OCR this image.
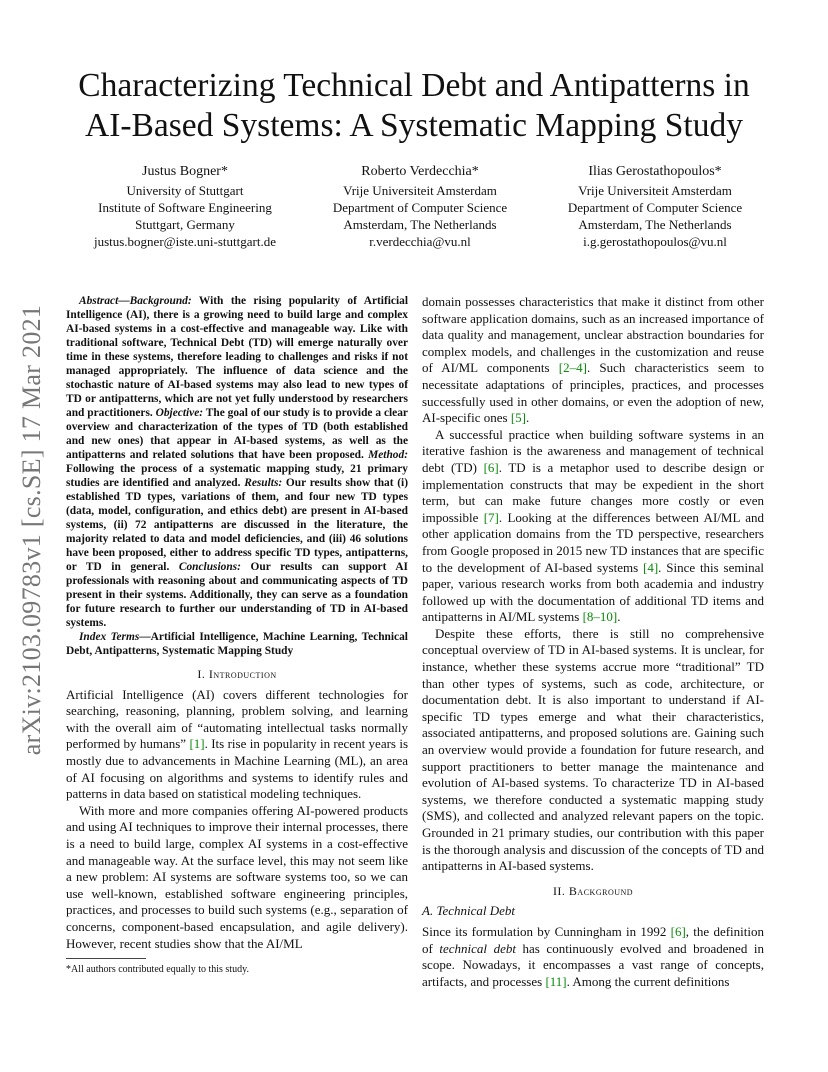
arXiv:2103.09783v1 [cs.SE] 17 Mar 2021
Characterizing Technical Debt and Antipatterns in AI-Based Systems: A Systematic Mapping Study
Justus Bogner*
University of Stuttgart
Institute of Software Engineering
Stuttgart, Germany
justus.bogner@iste.uni-stuttgart.de
Roberto Verdecchia*
Vrije Universiteit Amsterdam
Department of Computer Science
Amsterdam, The Netherlands
r.verdecchia@vu.nl
Ilias Gerostathopoulos*
Vrije Universiteit Amsterdam
Department of Computer Science
Amsterdam, The Netherlands
i.g.gerostathopoulos@vu.nl

Abstract—Background: With the rising popularity of Artificial Intelligence (AI), there is a growing need to build large and complex AI-based systems in a cost-effective and manageable way. Like with traditional software, Technical Debt (TD) will emerge naturally over time in these systems, therefore leading to challenges and risks if not managed appropriately. The influence of data science and the stochastic nature of AI-based systems may also lead to new types of TD or antipatterns, which are not yet fully understood by researchers and practitioners. Objective: The goal of our study is to provide a clear overview and characterization of the types of TD (both established and new ones) that appear in AI-based systems, as well as the antipatterns and related solutions that have been proposed. Method: Following the process of a systematic mapping study, 21 primary studies are identified and analyzed. Results: Our results show that (i) established TD types, variations of them, and four new TD types (data, model, configuration, and ethics debt) are present in AI-based systems, (ii) 72 antipatterns are discussed in the literature, the majority related to data and model deficiencies, and (iii) 46 solutions have been proposed, either to address specific TD types, antipatterns, or TD in general. Conclusions: Our results can support AI professionals with reasoning about and communicating aspects of TD present in their systems. Additionally, they can serve as a foundation for future research to further our understanding of TD in AI-based systems.

Index Terms—Artificial Intelligence, Machine Learning, Technical Debt, Antipatterns, Systematic Mapping Study

I. Introduction

Artificial Intelligence (AI) covers different technologies for searching, reasoning, planning, problem solving, and learning with the overall aim of “automating intellectual tasks normally performed by humans” [1]. Its rise in popularity in recent years is mostly due to advancements in Machine Learning (ML), an area of AI focusing on algorithms and systems to identify rules and patterns in data based on statistical modeling techniques.

With more and more companies offering AI-powered products and using AI techniques to improve their internal processes, there is a need to build large, complex AI systems in a cost-effective and manageable way. At the surface level, this may not seem like a new problem: AI systems are software systems too, so we can use well-known, established software engineering principles, practices, and processes to build such systems (e.g., separation of concerns, component-based encapsulation, and agile delivery). However, recent studies show that the AI/ML

*All authors contributed equally to this study.

domain possesses characteristics that make it distinct from other software application domains, such as an increased importance of data quality and management, unclear abstraction boundaries for complex models, and challenges in the customization and reuse of AI/ML components [2–4]. Such characteristics seem to necessitate adaptations of principles, practices, and processes successfully used in other domains, or even the adoption of new, AI-specific ones [5].

A successful practice when building software systems in an iterative fashion is the awareness and management of technical debt (TD) [6]. TD is a metaphor used to describe design or implementation constructs that may be expedient in the short term, but can make future changes more costly or even impossible [7]. Looking at the differences between AI/ML and other application domains from the TD perspective, researchers from Google proposed in 2015 new TD instances that are specific to the development of AI-based systems [4]. Since this seminal paper, various research works from both academia and industry followed up with the documentation of additional TD items and antipatterns in AI/ML systems [8–10].

Despite these efforts, there is still no comprehensive conceptual overview of TD in AI-based systems. It is unclear, for instance, whether these systems accrue more “traditional” TD than other types of systems, such as code, architecture, or documentation debt. It is also important to understand if AI-specific TD types emerge and what their characteristics, associated antipatterns, and proposed solutions are. Gaining such an overview would provide a foundation for future research, and support practitioners to better manage the maintenance and evolution of AI-based systems. To characterize TD in AI-based systems, we therefore conducted a systematic mapping study (SMS), and collected and analyzed relevant papers on the topic. Grounded in 21 primary studies, our contribution with this paper is the thorough analysis and discussion of the concepts of TD and antipatterns in AI-based systems.

II. Background
A. Technical Debt

Since its formulation by Cunningham in 1992 [6], the definition of technical debt has continuously evolved and broadened in scope. Nowadays, it encompasses a vast range of concepts, artifacts, and processes [11]. Among the current definitions
